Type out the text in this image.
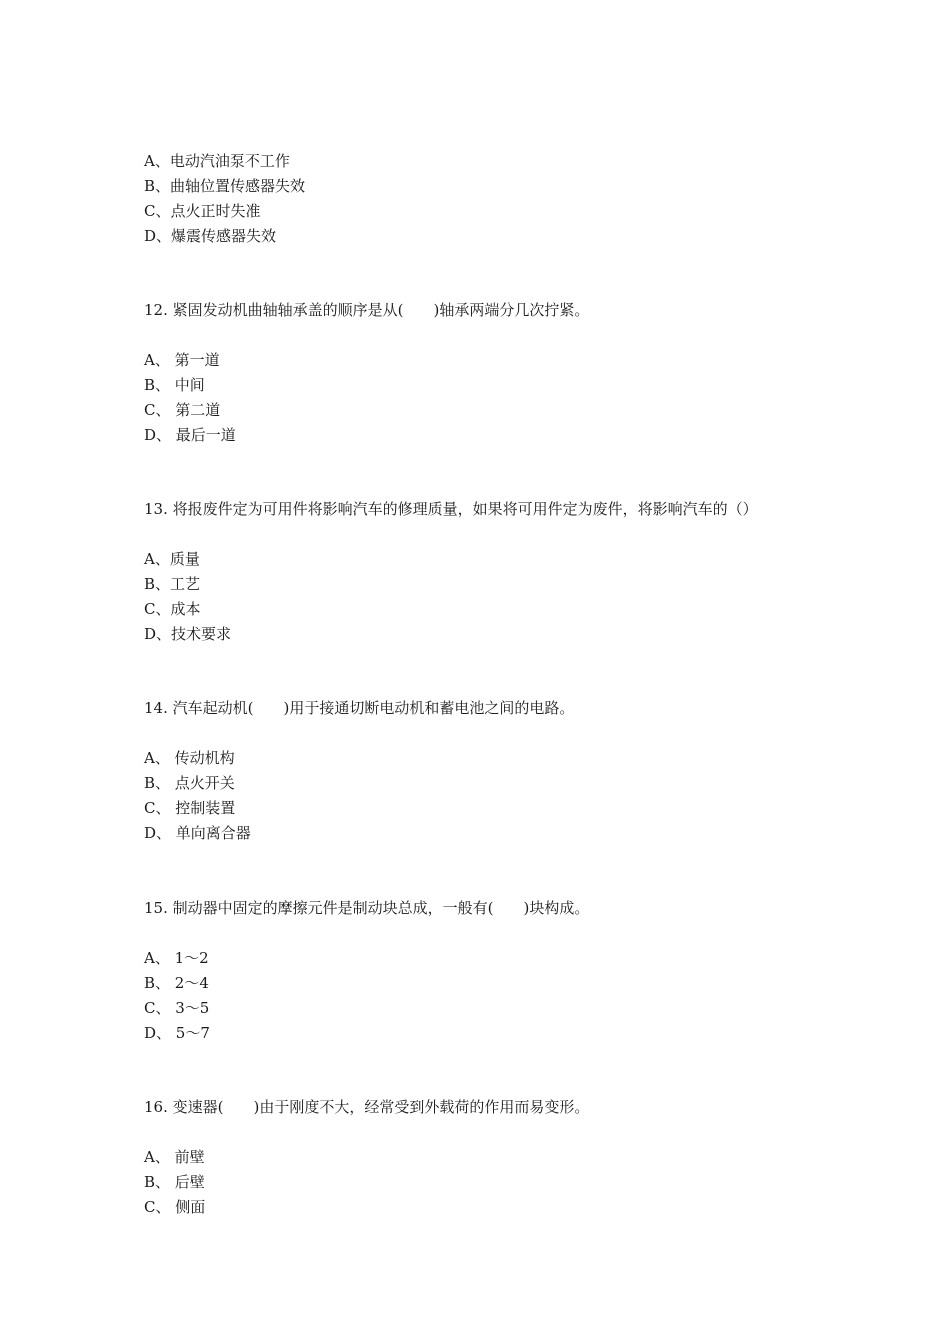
A、电动汽油泵不工作
B、曲轴位置传感器失效
C、点火正时失准
D、爆震传感器失效
12. 紧固发动机曲轴轴承盖的顺序是从(　　)轴承两端分几次拧紧。
A、 第一道
B、 中间
C、 第二道
D、 最后一道
13. 将报废件定为可用件将影响汽车的修理质量，如果将可用件定为废件，将影响汽车的（）
A、质量
B、工艺
C、成本
D、技术要求
14. 汽车起动机(　　)用于接通切断电动机和蓄电池之间的电路。
A、 传动机构
B、 点火开关
C、 控制装置
D、 单向离合器
15. 制动器中固定的摩擦元件是制动块总成，一般有(　　)块构成。
A、 1～2
B、 2～4
C、 3～5
D、 5～7
16. 变速器(　　)由于刚度不大，经常受到外载荷的作用而易变形。
A、 前壁
B、 后壁
C、 侧面
